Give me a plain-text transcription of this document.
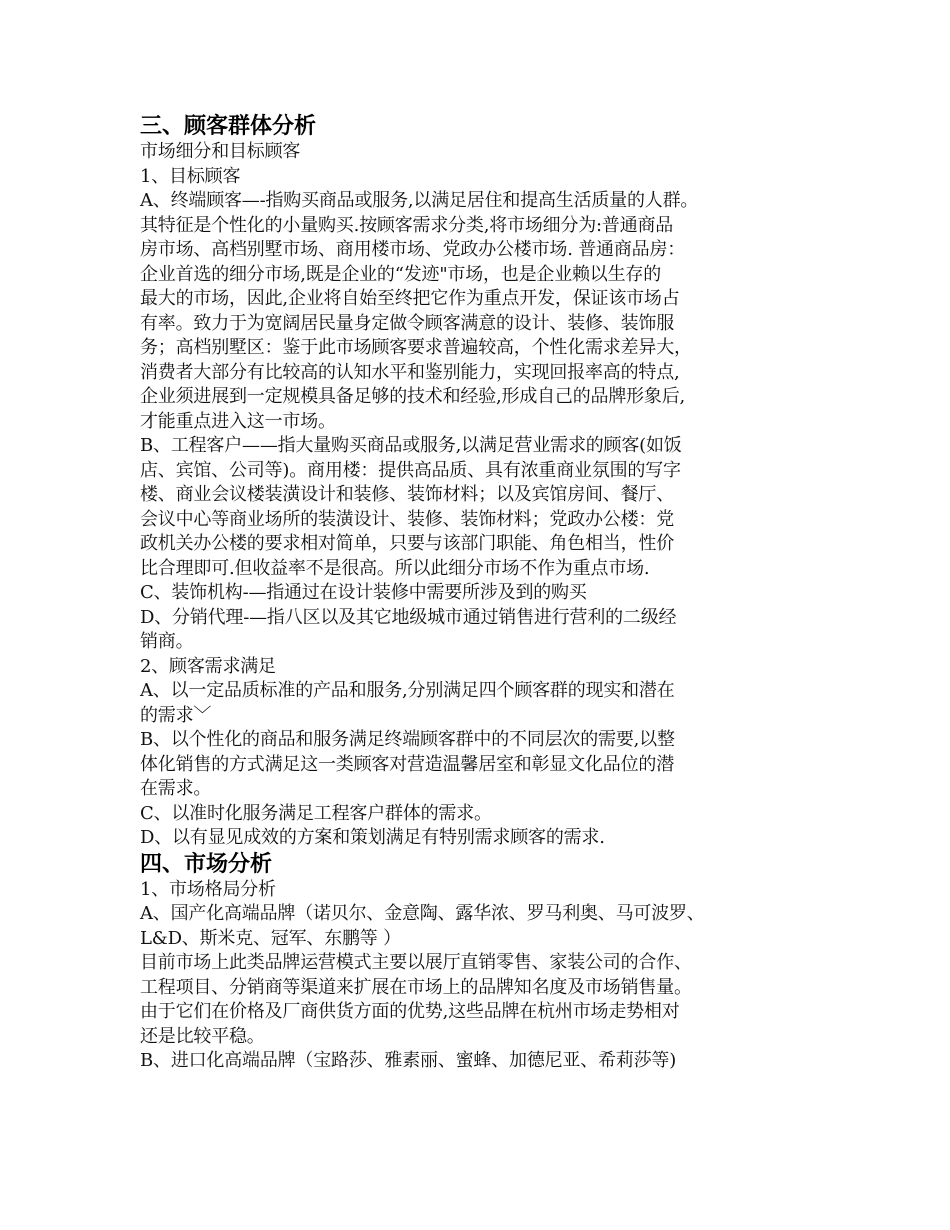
三、顾客群体分析
市场细分和目标顾客
1、目标顾客
A、终端顾客—-指购买商品或服务,以满足居住和提高生活质量的人群。
其特征是个性化的小量购买.按顾客需求分类,将市场细分为:普通商品
房市场、高档别墅市场、商用楼市场、党政办公楼市场. 普通商品房：
企业首选的细分市场,既是企业的“发迹"市场，也是企业赖以生存的
最大的市场，因此,企业将自始至终把它作为重点开发，保证该市场占
有率。致力于为宽阔居民量身定做令顾客满意的设计、装修、装饰服
务；高档别墅区：鉴于此市场顾客要求普遍较高，个性化需求差异大，
消费者大部分有比较高的认知水平和鉴别能力，实现回报率高的特点,
企业须进展到一定规模具备足够的技术和经验,形成自己的品牌形象后,
才能重点进入这一市场。
B、工程客户——指大量购买商品或服务,以满足营业需求的顾客(如饭
店、宾馆、公司等)。商用楼：提供高品质、具有浓重商业氛围的写字
楼、商业会议楼装潢设计和装修、装饰材料；以及宾馆房间、餐厅、
会议中心等商业场所的装潢设计、装修、装饰材料；党政办公楼：党
政机关办公楼的要求相对简单，只要与该部门职能、角色相当，性价
比合理即可.但收益率不是很高。所以此细分市场不作为重点市场.
C、装饰机构-—指通过在设计装修中需要所涉及到的购买
D、分销代理-—指八区以及其它地级城市通过销售进行营利的二级经
销商。
2、顾客需求满足
A、以一定品质标准的产品和服务,分别满足四个顾客群的现实和潜在
的需求﹀
B、以个性化的商品和服务满足终端顾客群中的不同层次的需要,以整
体化销售的方式满足这一类顾客对营造温馨居室和彰显文化品位的潜
在需求。
C、以准时化服务满足工程客户群体的需求。
D、以有显见成效的方案和策划满足有特别需求顾客的需求.
四、市场分析
1、市场格局分析
A、国产化高端品牌（诺贝尔、金意陶、露华浓、罗马利奥、马可波罗、
L&D、斯米克、冠军、东鹏等 ）
目前市场上此类品牌运营模式主要以展厅直销零售、家装公司的合作、
工程项目、分销商等渠道来扩展在市场上的品牌知名度及市场销售量。
由于它们在价格及厂商供货方面的优势,这些品牌在杭州市场走势相对
还是比较平稳。
B、进口化高端品牌（宝路莎、雅素丽、蜜蜂、加德尼亚、希莉莎等)
